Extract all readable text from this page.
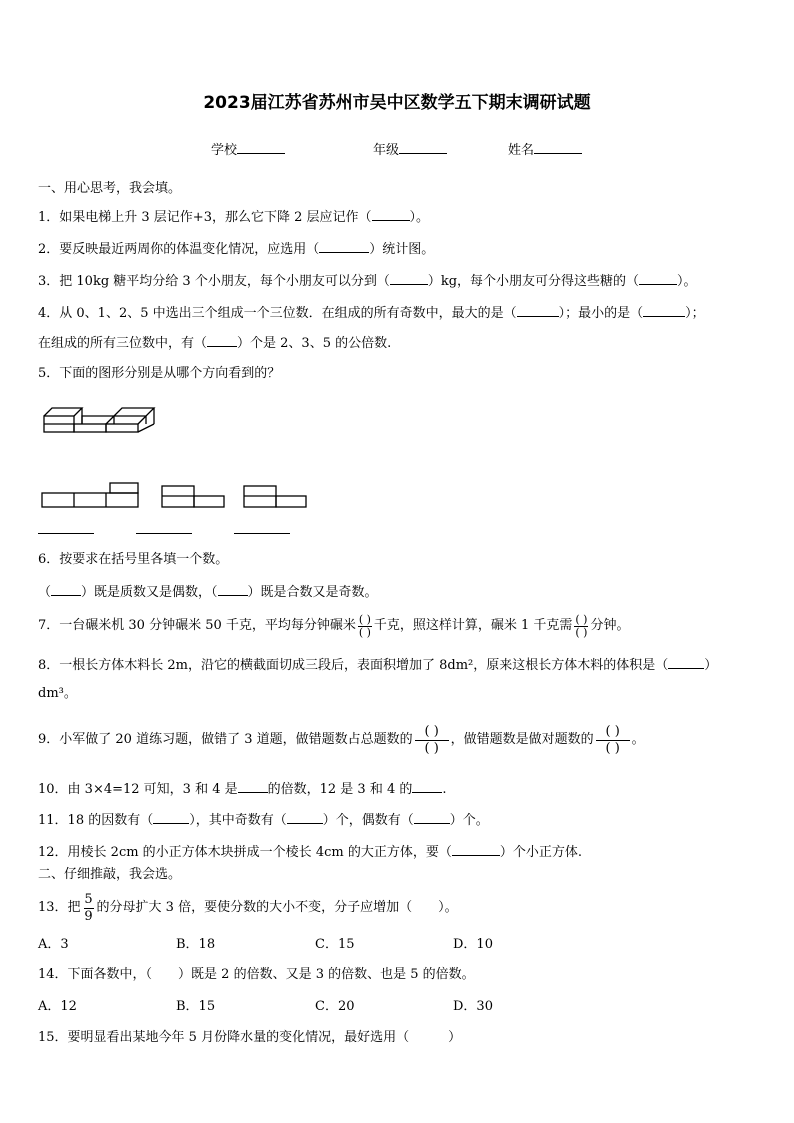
2023届江苏省苏州市吴中区数学五下期末调研试题
学校	年级	姓名
一、用心思考，我会填。
1．如果电梯上升 3 层记作+3，那么它下降 2 层应记作（	）。
2．要反映最近两周你的体温变化情况，应选用（	）统计图。
3．把 10kg 糖平均分给 3 个小朋友，每个小朋友可以分到（	）kg，每个小朋友可分得这些糖的（	）。
4．从 0、1、2、5 中选出三个组成一个三位数．在组成的所有奇数中，最大的是（	）；最小的是（	）；
在组成的所有三位数中，有（ ）个是 2、3、5 的公倍数.
5．下面的图形分别是从哪个方向看到的？
6．按要求在括号里各填一个数。
（ ）既是质数又是偶数，（ ）既是合数又是奇数。
7．一台碾米机 30 分钟碾米 50 千克，平均每分钟碾米 ( )
( ) 千克，照这样计算，碾米 1 千克需 ( )
( ) 分钟。
8．一根长方体木料长 2m，沿它的横截面切成三段后，表面积增加了 8dm²，原来这根长方体木料的体积是（	）
dm³。
9．小军做了 20 道练习题，做错了 3 道题，做错题数占总题数的
( )
( )
，做错题数是做对题数的
( )
( )
。
10．由 3×4=12 可知，3 和 4 是 的倍数，12 是 3 和 4 的 .
11．18 的因数有（	），其中奇数有（	）个，偶数有（	）个。
12．用棱长 2cm 的小正方体木块拼成一个棱长 4cm 的大正方体，要（	）个小正方体.
二、仔细推敲，我会选。
13．把
5
9
的分母扩大 3 倍，要使分数的大小不变，分子应增加（　　）。
A．3	B．18	C．15	D．10
14．下面各数中，（　　）既是 2 的倍数、又是 3 的倍数、也是 5 的倍数。
A．12	B．15	C．20	D．30
15．要明显看出某地今年 5 月份降水量的变化情况，最好选用（　　　）
